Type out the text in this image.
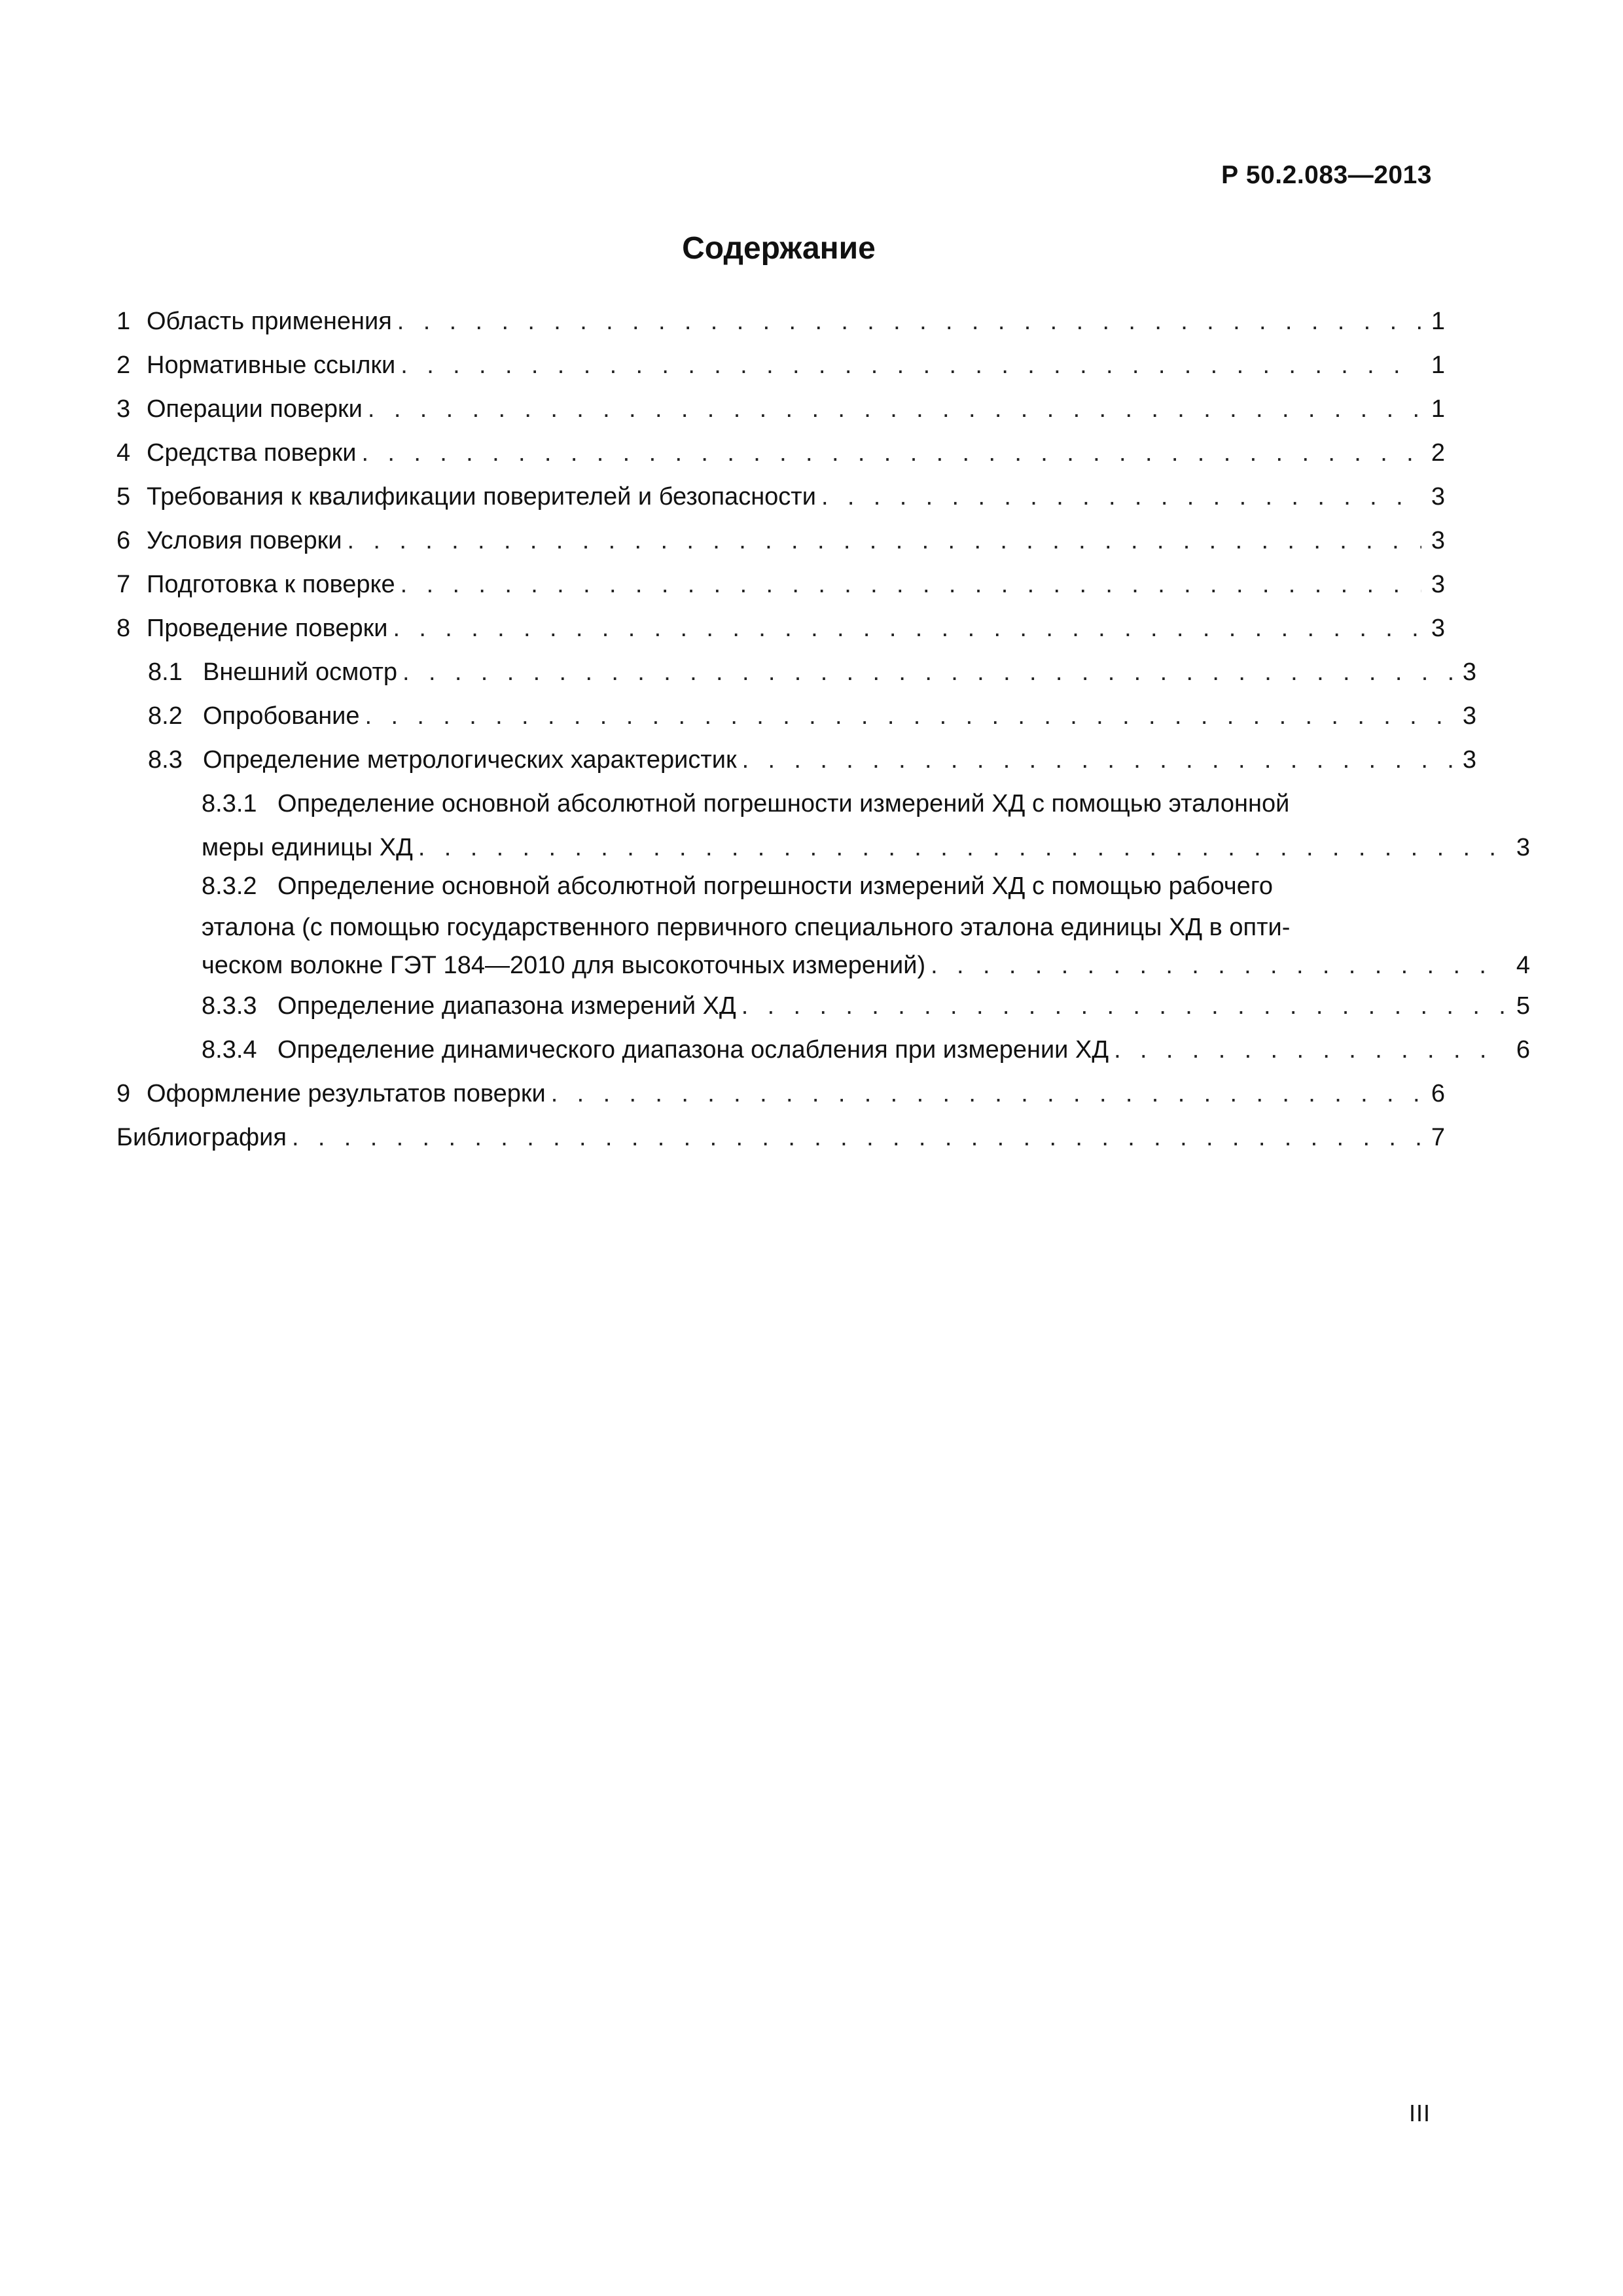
Р 50.2.083—2013
Содержание
1 Область применения . . .	1
2 Нормативные ссылки . . .	1
3 Операции поверки . . .	1
4 Средства поверки . . .	2
5 Требования к квалификации поверителей и безопасности . . .	3
6 Условия поверки . . .	3
7 Подготовка к поверке . . .	3
8 Проведение поверки . . .	3
8.1 Внешний осмотр . . .	3
8.2 Опробование . . .	3
8.3 Определение метрологических характеристик . . .	3
8.3.1 Определение основной абсолютной погрешности измерений ХД с помощью эталонной
меры единицы ХД . . .	3
8.3.2 Определение основной абсолютной погрешности измерений ХД с помощью рабочего
эталона (с помощью государственного первичного специального эталона единицы ХД в опти-
ческом волокне ГЭТ 184—2010 для высокоточных измерений) . . .	4
8.3.3 Определение диапазона измерений ХД . . .	5
8.3.4 Определение динамического диапазона ослабления при измерении ХД . . .	6
9 Оформление результатов поверки . . .	6
Библиография . . .	7
III
